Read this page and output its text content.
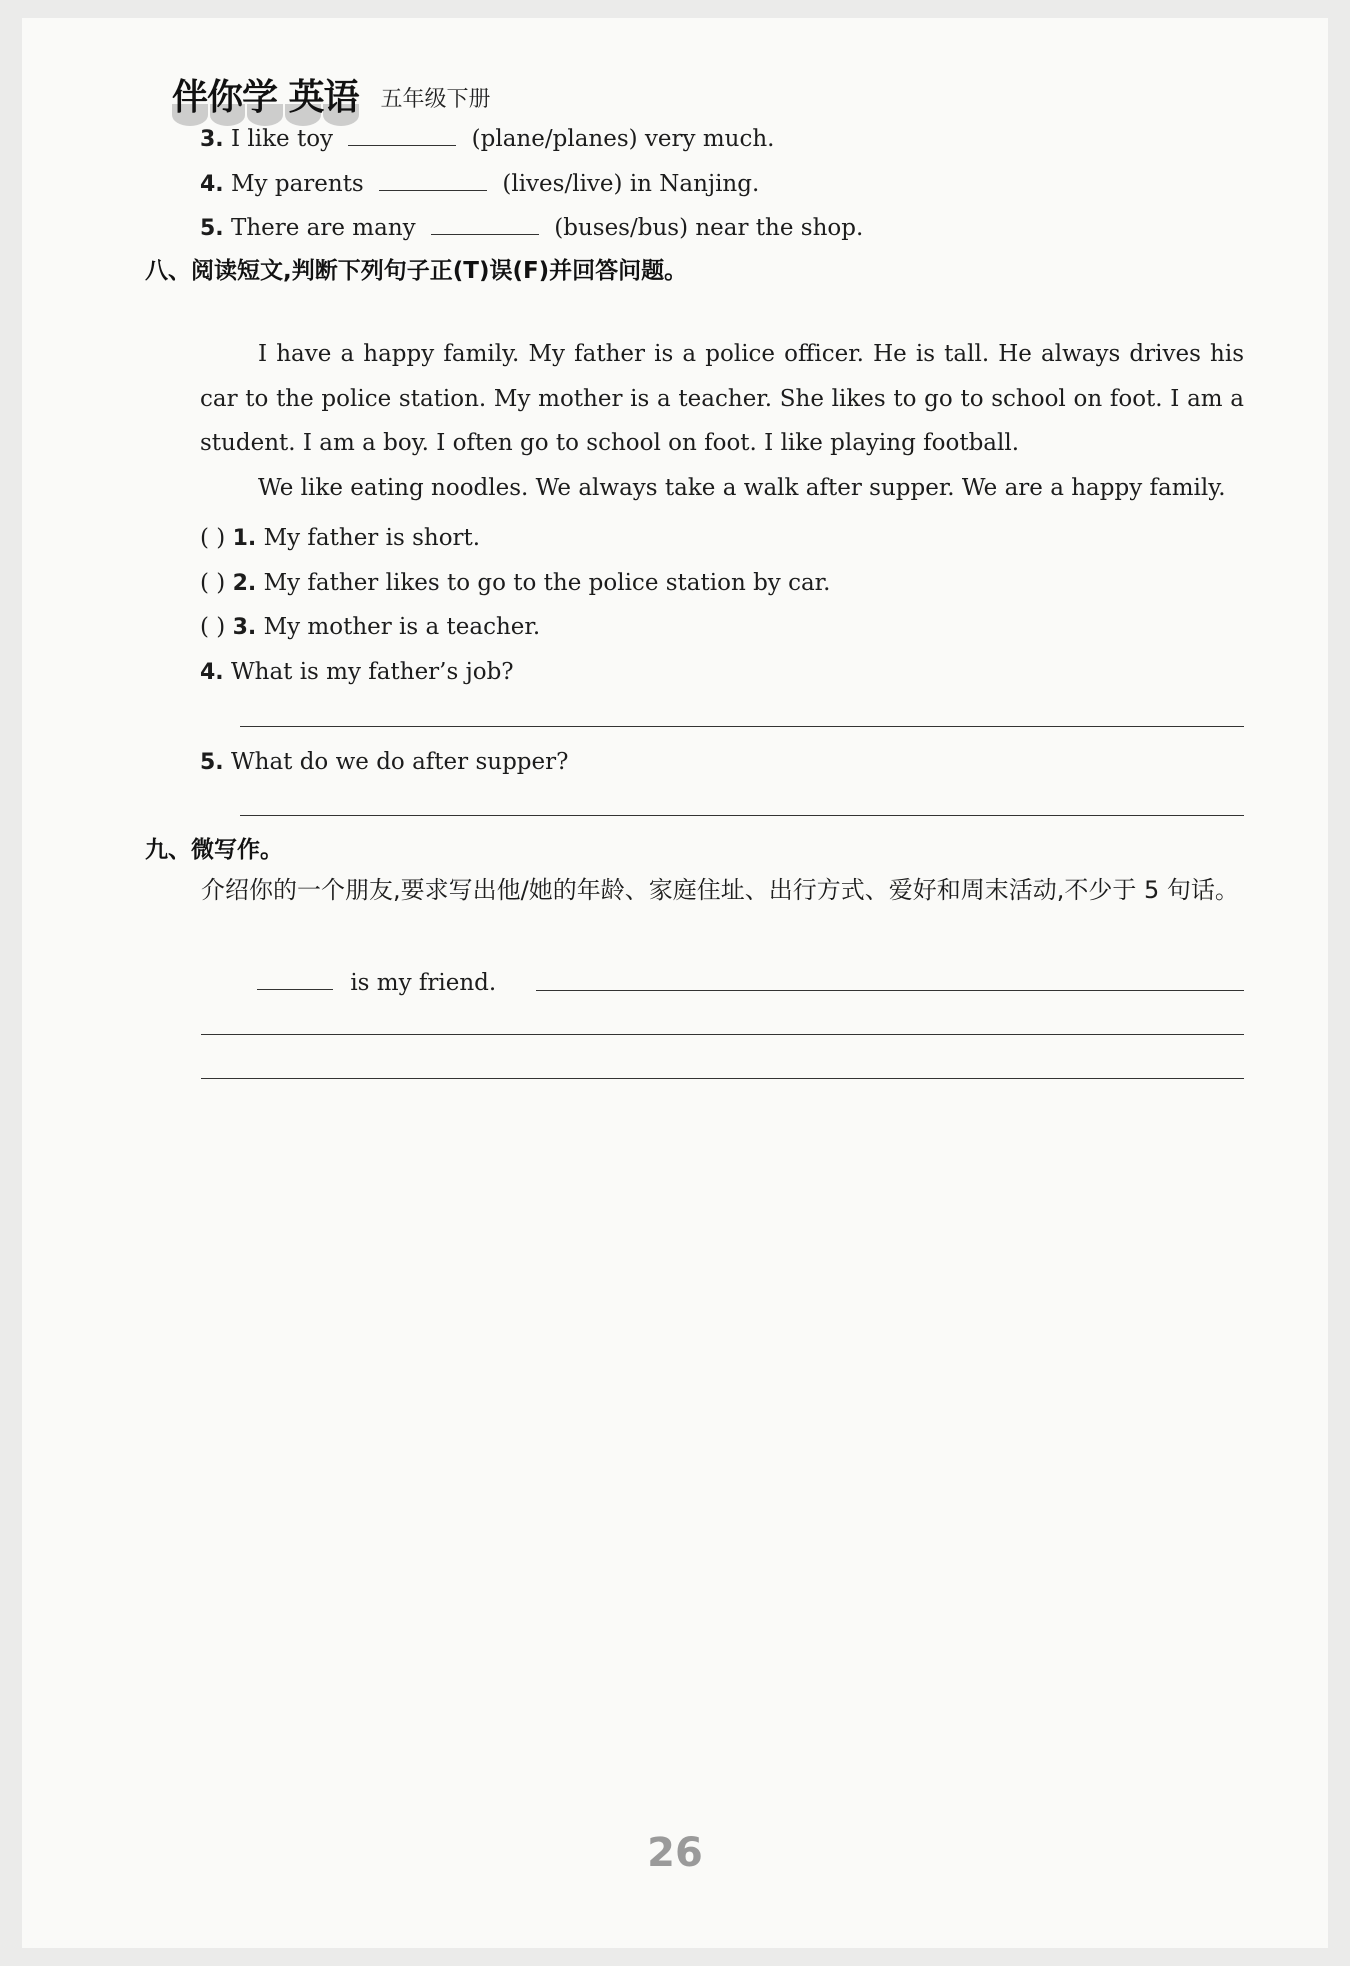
伴你学 英语 五年级下册
3. I like toy	(plane/planes) very much.
4. My parents	(lives/live) in Nanjing.
5. There are many	(buses/bus) near the shop.
八、阅读短文,判断下列句子正(T)误(F)并回答问题。

I have a happy family. My father is a police officer. He is tall. He always drives his car to the police station. My mother is a teacher. She likes to go to school on foot. I am a student. I am a boy. I often go to school on foot. I like playing football.

We like eating noodles. We always take a walk after supper. We are a happy family.

( ) 1. My father is short.
( ) 2. My father likes to go to the police station by car.
( ) 3. My mother is a teacher.
4. What is my father’s job?
5. What do we do after supper?
九、微写作。
介绍你的一个朋友,要求写出他/她的年龄、家庭住址、出行方式、爱好和周末活动,不少于 5 句话。
is my friend.
26
